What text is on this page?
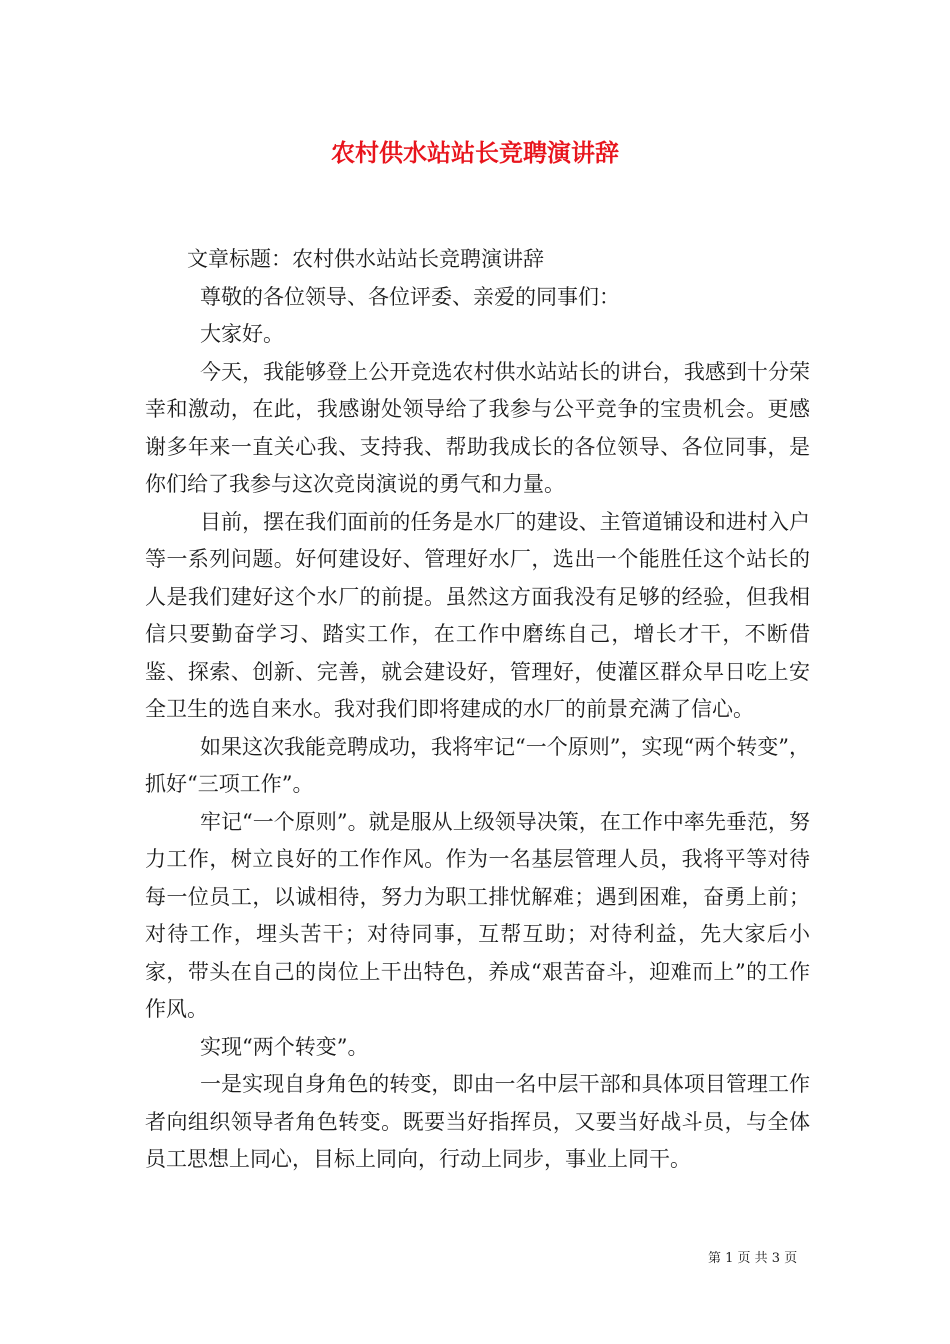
农村供水站站长竞聘演讲辞

文章标题：农村供水站站长竞聘演讲辞

尊敬的各位领导、各位评委、亲爱的同事们：

大家好。

今天，我能够登上公开竞选农村供水站站长的讲台，我感到十分荣幸和激动，在此，我感谢处领导给了我参与公平竞争的宝贵机会。更感谢多年来一直关心我、支持我、帮助我成长的各位领导、各位同事，是你们给了我参与这次竞岗演说的勇气和力量。

目前，摆在我们面前的任务是水厂的建设、主管道铺设和进村入户等一系列问题。好何建设好、管理好水厂，选出一个能胜任这个站长的人是我们建好这个水厂的前提。虽然这方面我没有足够的经验，但我相信只要勤奋学习、踏实工作，在工作中磨练自己，增长才干，不断借鉴、探索、创新、完善，就会建设好，管理好，使灌区群众早日吃上安全卫生的选自来水。我对我们即将建成的水厂的前景充满了信心。

如果这次我能竞聘成功，我将牢记“一个原则”，实现“两个转变”，抓好“三项工作”。

牢记“一个原则”。就是服从上级领导决策，在工作中率先垂范，努力工作，树立良好的工作作风。作为一名基层管理人员，我将平等对待每一位员工，以诚相待，努力为职工排忧解难；遇到困难，奋勇上前；对待工作，埋头苦干；对待同事，互帮互助；对待利益，先大家后小家，带头在自己的岗位上干出特色，养成“艰苦奋斗，迎难而上”的工作作风。

实现“两个转变”。

一是实现自身角色的转变，即由一名中层干部和具体项目管理工作者向组织领导者角色转变。既要当好指挥员，又要当好战斗员，与全体员工思想上同心，目标上同向，行动上同步，事业上同干。

第 1 页 共 3 页
